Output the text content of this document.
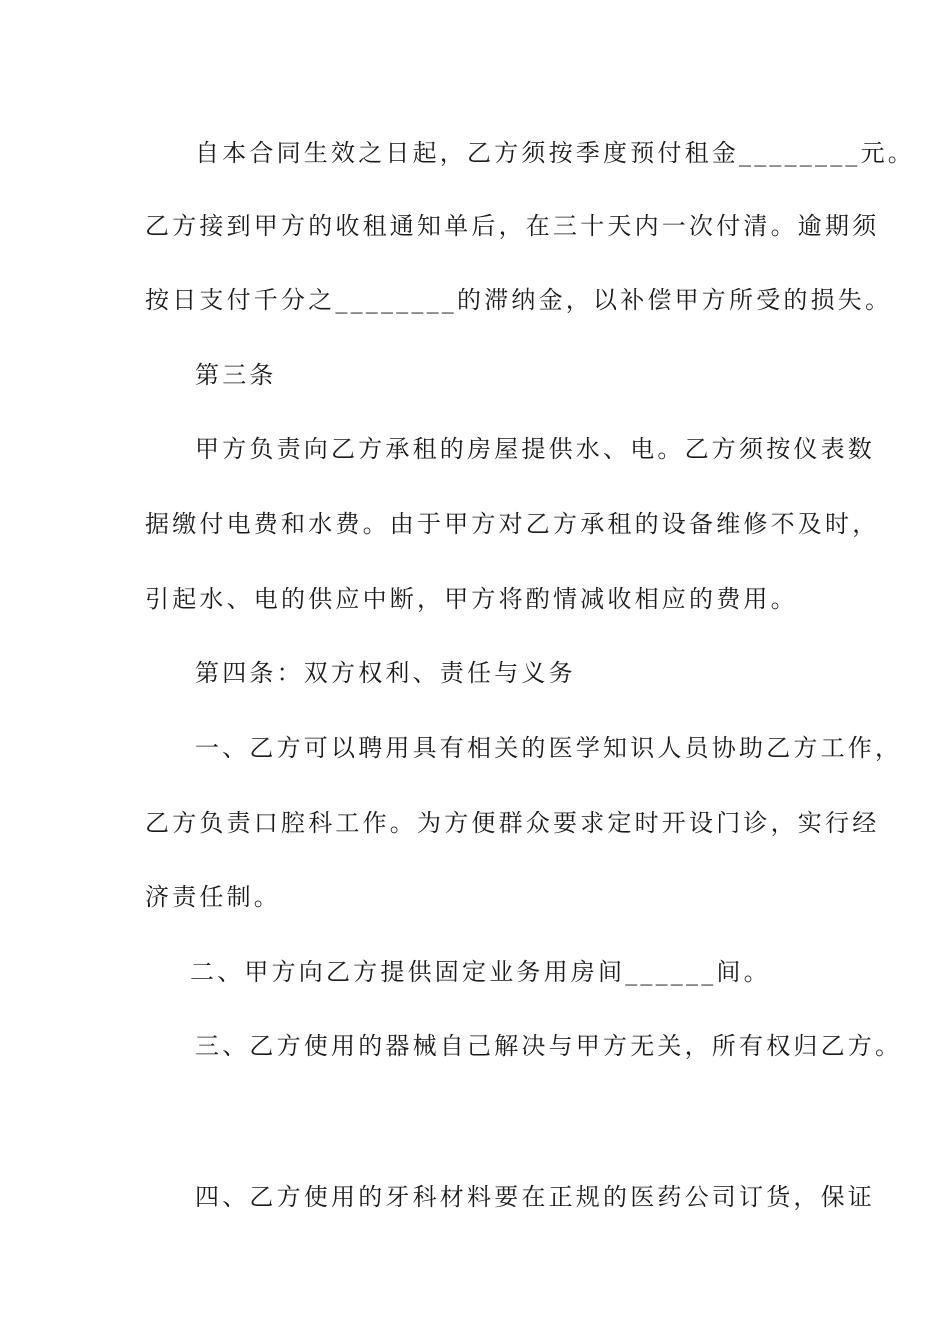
自本合同生效之日起，乙方须按季度预付租金________元。
乙方接到甲方的收租通知单后，在三十天内一次付清。逾期须
按日支付千分之________的滞纳金，以补偿甲方所受的损失。
第三条
甲方负责向乙方承租的房屋提供水、电。乙方须按仪表数
据缴付电费和水费。由于甲方对乙方承租的设备维修不及时，
引起水、电的供应中断，甲方将酌情减收相应的费用。
第四条：双方权利、责任与义务
一、乙方可以聘用具有相关的医学知识人员协助乙方工作，
乙方负责口腔科工作。为方便群众要求定时开设门诊，实行经
济责任制。
二、甲方向乙方提供固定业务用房间______间。
三、乙方使用的器械自己解决与甲方无关，所有权归乙方。
四、乙方使用的牙科材料要在正规的医药公司订货，保证
